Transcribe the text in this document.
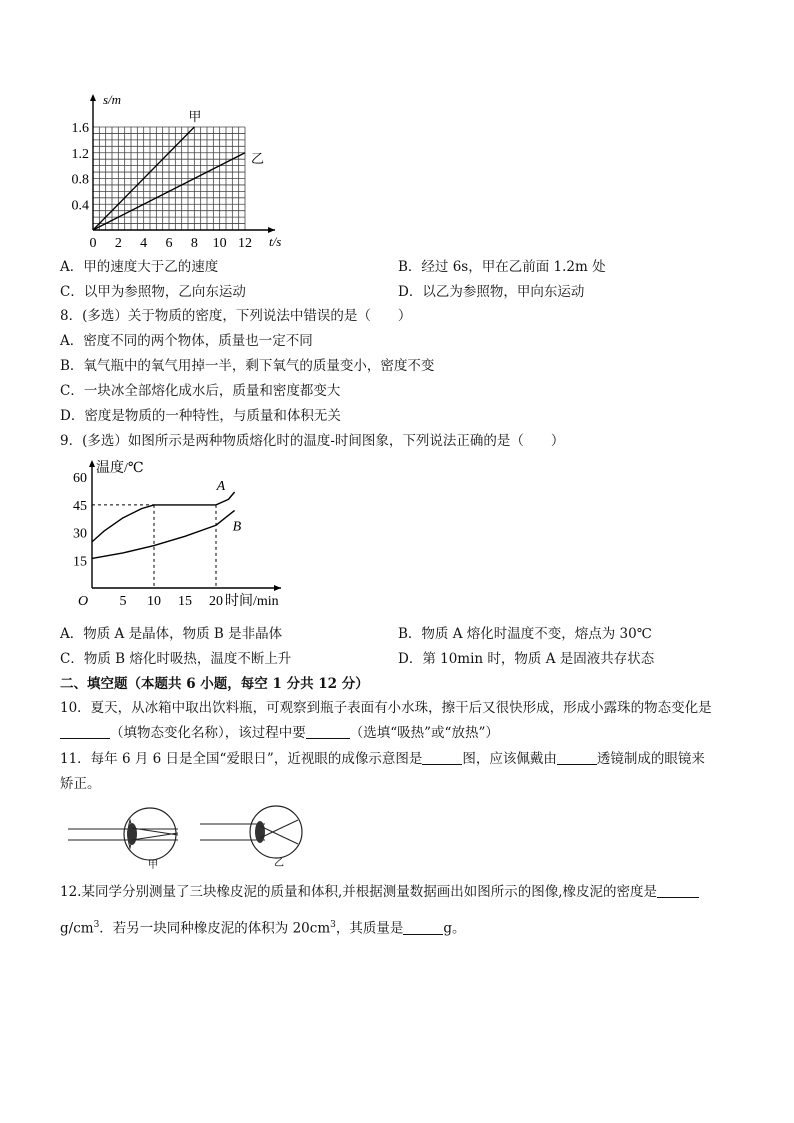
s/m
t/s
甲
乙
0 2 4 6 8 10 12
0.4
0.8
1.2
1.6
A．甲的速度大于乙的速度	B．经过 6s，甲在乙前面 1.2m 处
C．以甲为参照物，乙向东运动	D．以乙为参照物，甲向东运动
8．(多选）关于物质的密度，下列说法中错误的是（　　）
A．密度不同的两个物体，质量也一定不同
B．氧气瓶中的氧气用掉一半，剩下氧气的质量变小，密度不变
C．一块冰全部熔化成水后，质量和密度都变大
D．密度是物质的一种特性，与质量和体积无关
9．(多选）如图所示是两种物质熔化时的温度-时间图象，下列说法正确的是（　　）
温度/℃
时间/min
O
A
B
5 10 15 20
15
30
45
60
A．物质 A 是晶体，物质 B 是非晶体	B．物质 A 熔化时温度不变，熔点为 30℃
C．物质 B 熔化时吸热，温度不断上升	D．第 10min 时，物质 A 是固液共存状态
二、填空题（本题共 6 小题，每空 1 分共 12 分）
10．夏天，从冰箱中取出饮料瓶，可观察到瓶子表面有小水珠，擦干后又很快形成，形成小露珠的物态变化是
（填物态变化名称），该过程中要	（选填“吸热”或“放热”）
11．每年 6 月 6 日是全国“爱眼日”，近视眼的成像示意图是	图，应该佩戴由	透镜制成的眼镜来
矫正。
甲	乙
12.某同学分别测量了三块橡皮泥的质量和体积,并根据测量数据画出如图所示的图像,橡皮泥的密度是
$g/cm^3$．若另一块同种橡皮泥的体积为 $20cm^3$，其质量是	g。
